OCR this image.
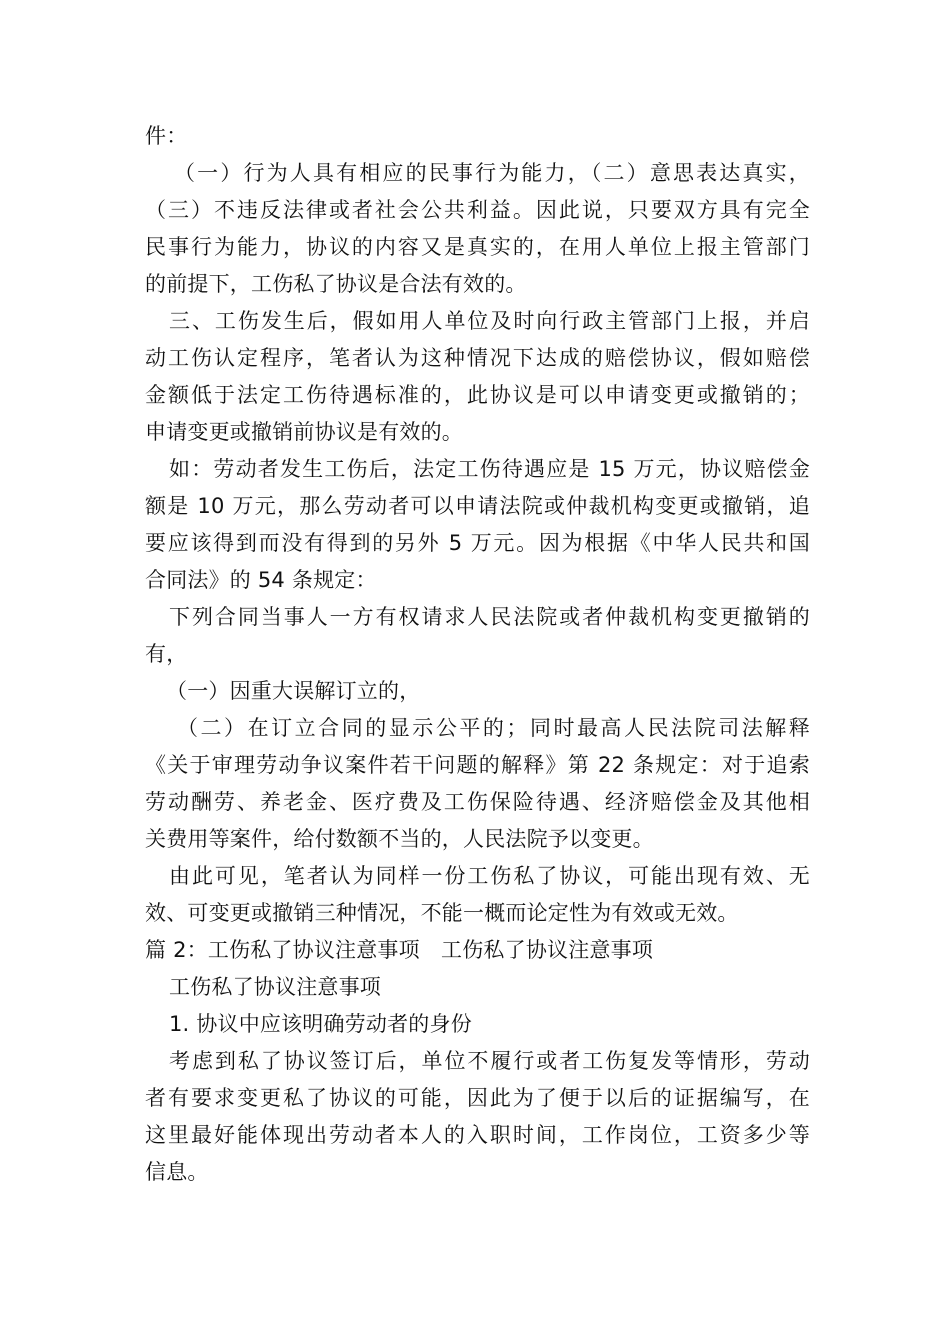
件：
（一）行为人具有相应的民事行为能力，（二）意思表达真实，
（三）不违反法律或者社会公共利益。因此说，只要双方具有完全
民事行为能力，协议的内容又是真实的，在用人单位上报主管部门
的前提下，工伤私了协议是合法有效的。
三、工伤发生后，假如用人单位及时向行政主管部门上报，并启
动工伤认定程序，笔者认为这种情况下达成的赔偿协议，假如赔偿
金额低于法定工伤待遇标准的，此协议是可以申请变更或撤销的；
申请变更或撤销前协议是有效的。
如：劳动者发生工伤后，法定工伤待遇应是 15 万元，协议赔偿金
额是 10 万元，那么劳动者可以申请法院或仲裁机构变更或撤销，追
要应该得到而没有得到的另外 5 万元。因为根据《中华人民共和国
合同法》的 54 条规定：
下列合同当事人一方有权请求人民法院或者仲裁机构变更撤销的
有，
（一）因重大误解订立的，
（二）在订立合同的显示公平的；同时最高人民法院司法解释
《关于审理劳动争议案件若干问题的解释》第 22 条规定：对于追索
劳动酬劳、养老金、医疗费及工伤保险待遇、经济赔偿金及其他相
关费用等案件，给付数额不当的，人民法院予以变更。
由此可见，笔者认为同样一份工伤私了协议，可能出现有效、无
效、可变更或撤销三种情况，不能一概而论定性为有效或无效。
篇 2：工伤私了协议注意事项　工伤私了协议注意事项
工伤私了协议注意事项
1. 协议中应该明确劳动者的身份
考虑到私了协议签订后，单位不履行或者工伤复发等情形，劳动
者有要求变更私了协议的可能，因此为了便于以后的证据编写，在
这里最好能体现出劳动者本人的入职时间，工作岗位，工资多少等
信息。
